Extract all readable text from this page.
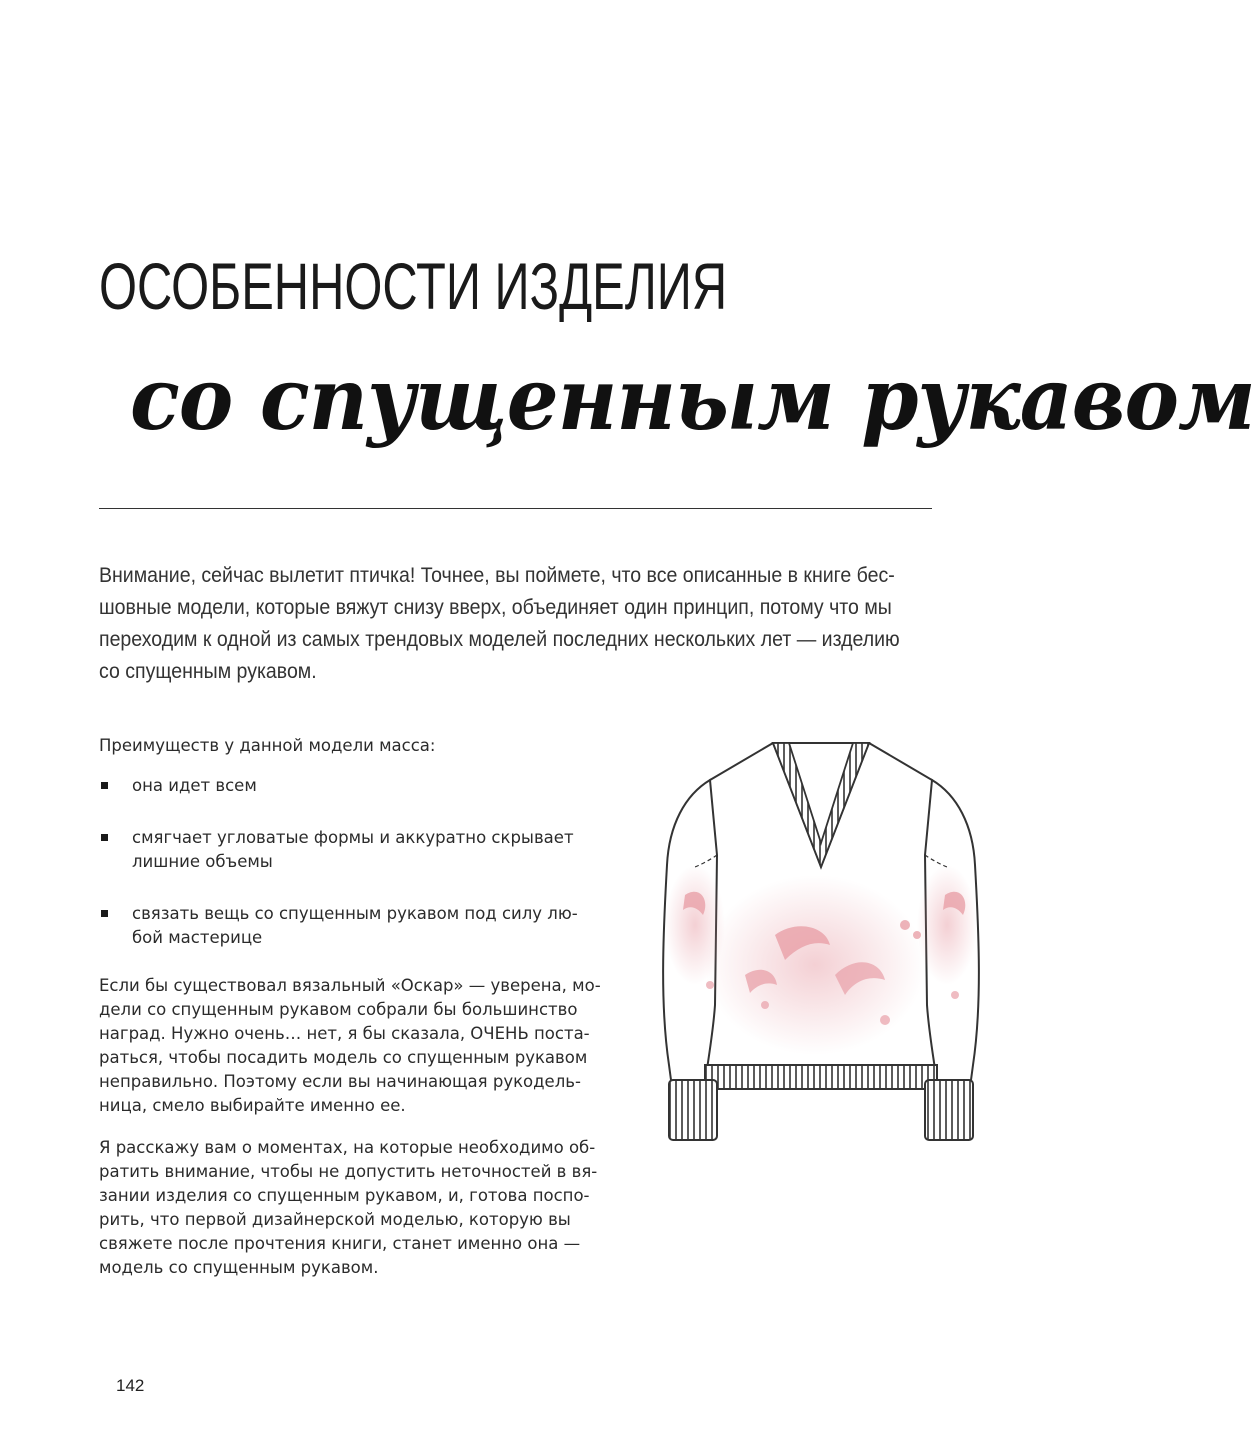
ОСОБЕННОСТИ ИЗДЕЛИЯ
со спущенным рукавом

Внимание, сейчас вылетит птичка! Точнее, вы поймете, что все описанные в книге бес-
шовные модели, которые вяжут снизу вверх, объединяет один принцип, потому что мы
переходим к одной из самых трендовых моделей последних нескольких лет — изделию
со спущенным рукавом.

Преимуществ у данной модели масса:

она идет всем
смягчает угловатые формы и аккуратно скрывает
лишние объемы
связать вещь со спущенным рукавом под силу лю-
бой мастерице

Если бы существовал вязальный «Оскар» — уверена, мо-
дели со спущенным рукавом собрали бы большинство
наград. Нужно очень… нет, я бы сказала, ОЧЕНЬ поста-
раться, чтобы посадить модель со спущенным рукавом
неправильно. Поэтому если вы начинающая рукодель-
ница, смело выбирайте именно ее.

Я расскажу вам о моментах, на которые необходимо об-
ратить внимание, чтобы не допустить неточностей в вя-
зании изделия со спущенным рукавом, и, готова поспо-
рить, что первой дизайнерской моделью, которую вы
свяжете после прочтения книги, станет именно она —
модель со спущенным рукавом.

142
